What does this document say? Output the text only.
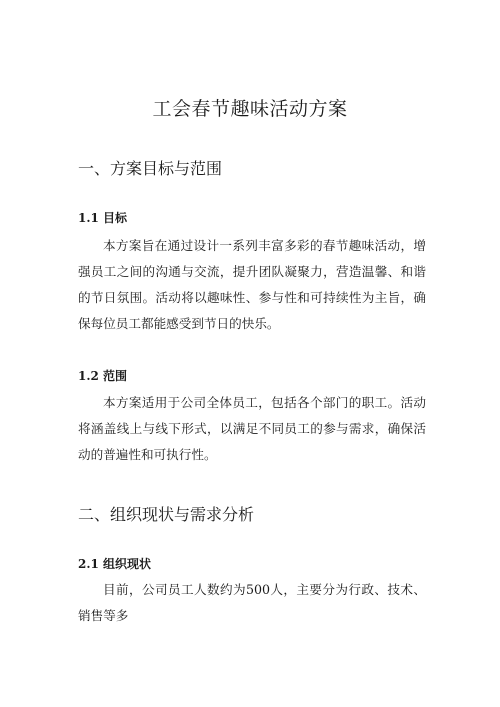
工会春节趣味活动方案
一、方案目标与范围
1.1 目标

本方案旨在通过设计一系列丰富多彩的春节趣味活动，增强员工之间的沟通与交流，提升团队凝聚力，营造温馨、和谐的节日氛围。活动将以趣味性、参与性和可持续性为主旨，确保每位员工都能感受到节日的快乐。

1.2 范围

本方案适用于公司全体员工，包括各个部门的职工。活动将涵盖线上与线下形式，以满足不同员工的参与需求，确保活动的普遍性和可执行性。

二、组织现状与需求分析
2.1 组织现状

目前，公司员工人数约为500人，主要分为行政、技术、销售等多
